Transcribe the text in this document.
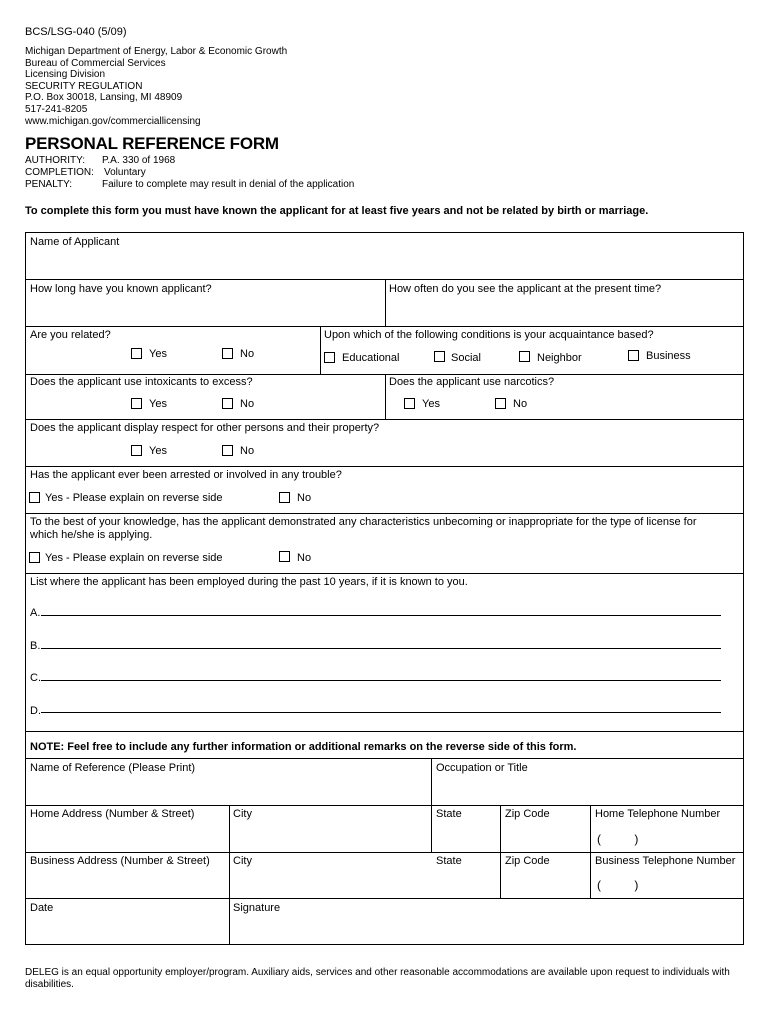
BCS/LSG-040 (5/09)
Michigan Department of Energy, Labor & Economic Growth
Bureau of Commercial Services
Licensing Division
SECURITY REGULATION
P.O. Box 30018, Lansing, MI 48909
517-241-8205
www.michigan.gov/commerciallicensing
PERSONAL REFERENCE FORM
AUTHORITY: P.A. 330 of 1968
COMPLETION: Voluntary
PENALTY:	Failure to complete may result in denial of the application
To complete this form you must have known the applicant for at least five years and not be related by birth or marriage.
Name of Applicant
How long have you known applicant?	How often do you see the applicant at the present time?
Are you related?
Yes	No
Upon which of the following conditions is your acquaintance based?
Educational	Social	Neighbor	Business
Does the applicant use intoxicants to excess?
Yes	No
Does the applicant use narcotics?
Yes	No
Does the applicant display respect for other persons and their property?
Yes	No
Has the applicant ever been arrested or involved in any trouble?
Yes - Please explain on reverse side	No
To the best of your knowledge, has the applicant demonstrated any characteristics unbecoming or inappropriate for the type of license for
which he/she is applying.
Yes - Please explain on reverse side	No
List where the applicant has been employed during the past 10 years, if it is known to you.
A.
B.
C.
D.
NOTE: Feel free to include any further information or additional remarks on the reverse side of this form.
Name of Reference (Please Print)	Occupation or Title
Home Address (Number & Street)	City	State	Zip Code	Home Telephone Number
(          )
Business Address (Number & Street) City	State	Zip Code	Business Telephone Number
(          )
Date	Signature
DELEG is an equal opportunity employer/program. Auxiliary aids, services and other reasonable accommodations are available upon request to individuals with
disabilities.
